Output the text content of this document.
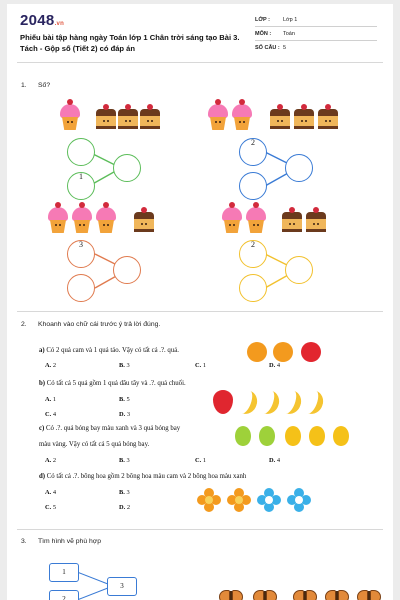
2048.vn
Phiếu bài tập hàng ngày Toán lớp 1 Chân trời sáng tạo Bài 3. Tách - Gộp số (Tiết 2) có đáp án
LỚP : Lớp 1
MÔN : Toán
SỐ CÂU : 5
1. Số?
1
2
3	2
2. Khoanh vào chữ cái trước ý trả lời đúng.
a) Có 2 quả cam và 1 quả táo. Vậy có tất cả .?. quả.
A. 2	B. 3	C. 1	D. 4
b) Có tất cả 5 quả gồm 1 quả dâu tây và .?. quả chuối.
A. 1	B. 5
C. 4	D. 3
c) Có .?. quả bóng bay màu xanh và 3 quả bóng bay
màu vàng. Vậy có tất cả 5 quả bóng bay.
A. 2	B. 3	C. 1	D. 4
d) Có tất cả .?. bông hoa gồm 2 bông hoa màu cam và 2 bông hoa màu xanh
A. 4	B. 3
C. 5	D. 2
3. Tìm hình vẽ phù hợp
1
3
2
